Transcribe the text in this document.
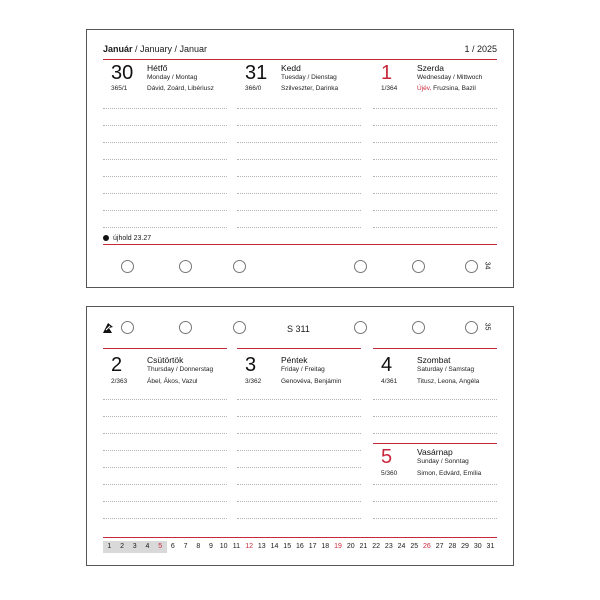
Január / January / Januar	1 / 2025
30 Hétfő
Monday / Montag
365/1	Dávid, Zoárd, Libériusz
31 Kedd
Tuesday / Dienstag
366/0	Szilveszter, Darinka
1	Szerda
Wednesday / Mittwoch
1/364	Újév, Fruzsina, Bazil
újhold 23.27
34
S 311	35
2	Csütörtök
Thursday / Donnerstag
2/363	Ábel, Ákos, Vazul
3	Péntek
Friday / Freitag
3/362	Genovéva, Benjámin
4	Szombat
Saturday / Samstag
4/361	Titusz, Leona, Angéla
5	Vasárnap
Sunday / Sonntag
5/360	Simon, Edvárd, Emília
1	2	3	4	5	6	7	8	9 10 11 12 13 14 15 16 17 18 19 20 21 22 23 24 25 26 27 28 29 30 31
